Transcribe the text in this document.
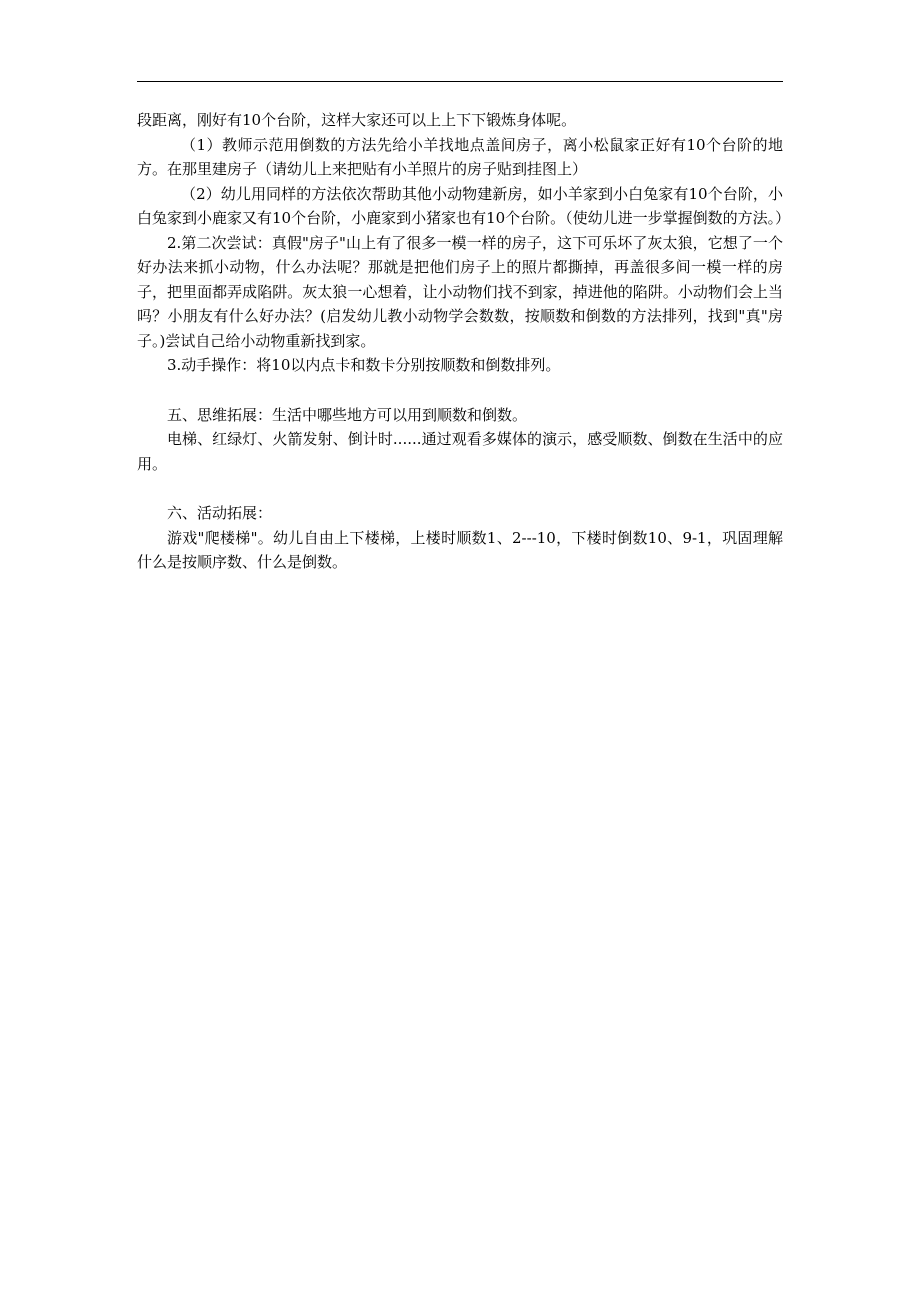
段距离，刚好有10个台阶，这样大家还可以上上下下锻炼身体呢。

（1）教师示范用倒数的方法先给小羊找地点盖间房子，离小松鼠家正好有10个台阶的地方。在那里建房子（请幼儿上来把贴有小羊照片的房子贴到挂图上）

（2）幼儿用同样的方法依次帮助其他小动物建新房，如小羊家到小白兔家有10个台阶，小白兔家到小鹿家又有10个台阶，小鹿家到小猪家也有10个台阶。（使幼儿进一步掌握倒数的方法。）

2.第二次尝试：真假"房子"山上有了很多一模一样的房子，这下可乐坏了灰太狼，它想了一个好办法来抓小动物，什么办法呢？那就是把他们房子上的照片都撕掉，再盖很多间一模一样的房子，把里面都弄成陷阱。灰太狼一心想着，让小动物们找不到家，掉进他的陷阱。小动物们会上当吗？小朋友有什么好办法？(启发幼儿教小动物学会数数，按顺数和倒数的方法排列，找到"真"房子。)尝试自己给小动物重新找到家。

3.动手操作：将10以内点卡和数卡分别按顺数和倒数排列。

五、思维拓展：生活中哪些地方可以用到顺数和倒数。

电梯、红绿灯、火箭发射、倒计时......通过观看多媒体的演示，感受顺数、倒数在生活中的应用。

六、活动拓展：

游戏"爬楼梯"。幼儿自由上下楼梯，上楼时顺数1、2---10，下楼时倒数10、9-1，巩固理解什么是按顺序数、什么是倒数。
